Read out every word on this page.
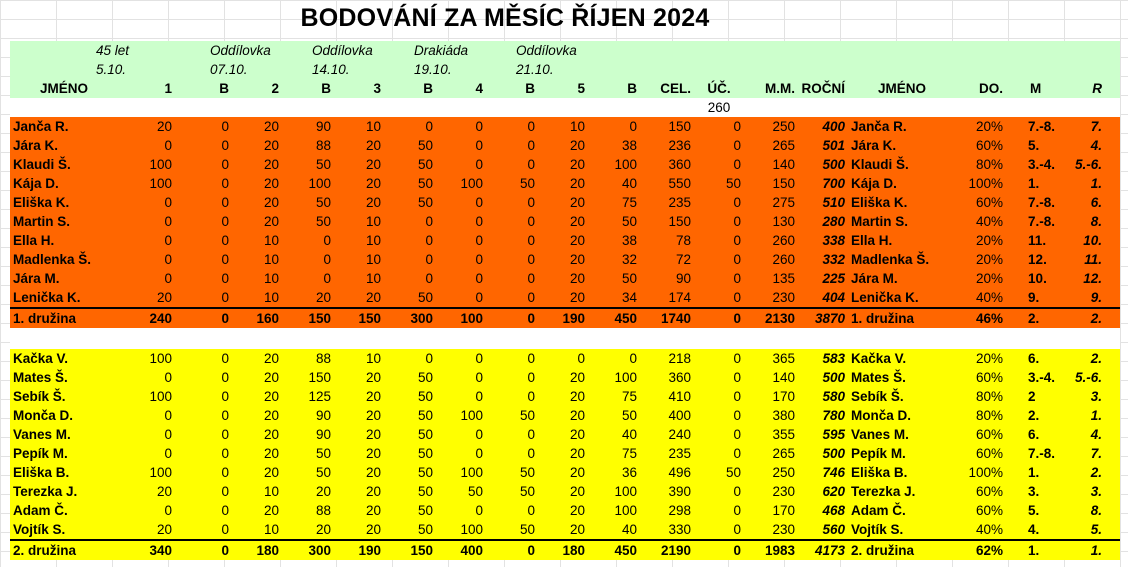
BODOVÁNÍ ZA MĚSÍC ŘÍJEN 2024

	45 let		Oddílovka		Oddílovka		Drakiáda		Oddílovka									

	5.10.		07.10.		14.10.		19.10.		21.10.									

JMÉNO	1	B	2	B	3	B	4	B	5	B	CEL.	ÚČ.	M.M.	ROČNÍ	JMÉNO	DO.	M	R
												260						
Janča R.	20	0	20	90	10	0	0	0	10	0	150	0	250	400	Janča R.	20%	7.-8.	7.
Jára K.	0	0	20	88	20	50	0	0	20	38	236	0	265	501	Jára K.	60%	5.	4.
Klaudi Š.	100	0	20	50	20	50	0	0	20	100	360	0	140	500	Klaudi Š.	80%	3.-4.	5.-6.
Kája D.	100	0	20	100	20	50	100	50	20	40	550	50	150	700	Kája D.	100%	1.	1.
Eliška K.	0	0	20	50	20	50	0	0	20	75	235	0	275	510	Eliška K.	60%	7.-8.	6.
Martin S.	0	0	20	50	10	0	0	0	20	50	150	0	130	280	Martin S.	40%	7.-8.	8.
Ella H.	0	0	10	0	10	0	0	0	20	38	78	0	260	338	Ella H.	20%	11.	10.
Madlenka Š.	0	0	10	0	10	0	0	0	20	32	72	0	260	332	Madlenka Š.	20%	12.	11.
Jára M.	0	0	10	0	10	0	0	0	20	50	90	0	135	225	Jára M.	20%	10.	12.
Lenička K.	20	0	10	20	20	50	0	0	20	34	174	0	230	404	Lenička K.	40%	9.	9.
1. družina	240	0	160	150	150	300	100	0	190	450	1740	0	2130	3870	1. družina	46%	2.	2.

Kačka V.	100	0	20	88	10	0	0	0	0	0	218	0	365	583	Kačka V.	20%	6.	2.
Mates Š.	0	0	20	150	20	50	0	0	20	100	360	0	140	500	Mates Š.	60%	3.-4.	5.-6.
Sebík Š.	100	0	20	125	20	50	0	0	20	75	410	0	170	580	Sebík Š.	80%	2	3.
Monča D.	0	0	20	90	20	50	100	50	20	50	400	0	380	780	Monča D.	80%	2.	1.
Vanes M.	0	0	20	90	20	50	0	0	20	40	240	0	355	595	Vanes M.	60%	6.	4.
Pepík M.	0	0	20	50	20	50	0	0	20	75	235	0	265	500	Pepík M.	60%	7.-8.	7.
Eliška B.	100	0	20	50	20	50	100	50	20	36	496	50	250	746	Eliška B.	100%	1.	2.
Terezka J.	20	0	10	20	20	50	50	50	20	100	390	0	230	620	Terezka J.	60%	3.	3.
Adam Č.	0	0	20	88	20	50	0	0	20	100	298	0	170	468	Adam Č.	60%	5.	8.
Vojtík S.	20	0	10	20	20	50	100	50	20	40	330	0	230	560	Vojtík S.	40%	4.	5.
2. družina	340	0	180	300	190	150	400	0	180	450	2190	0	1983	4173	2. družina	62%	1.	1.
